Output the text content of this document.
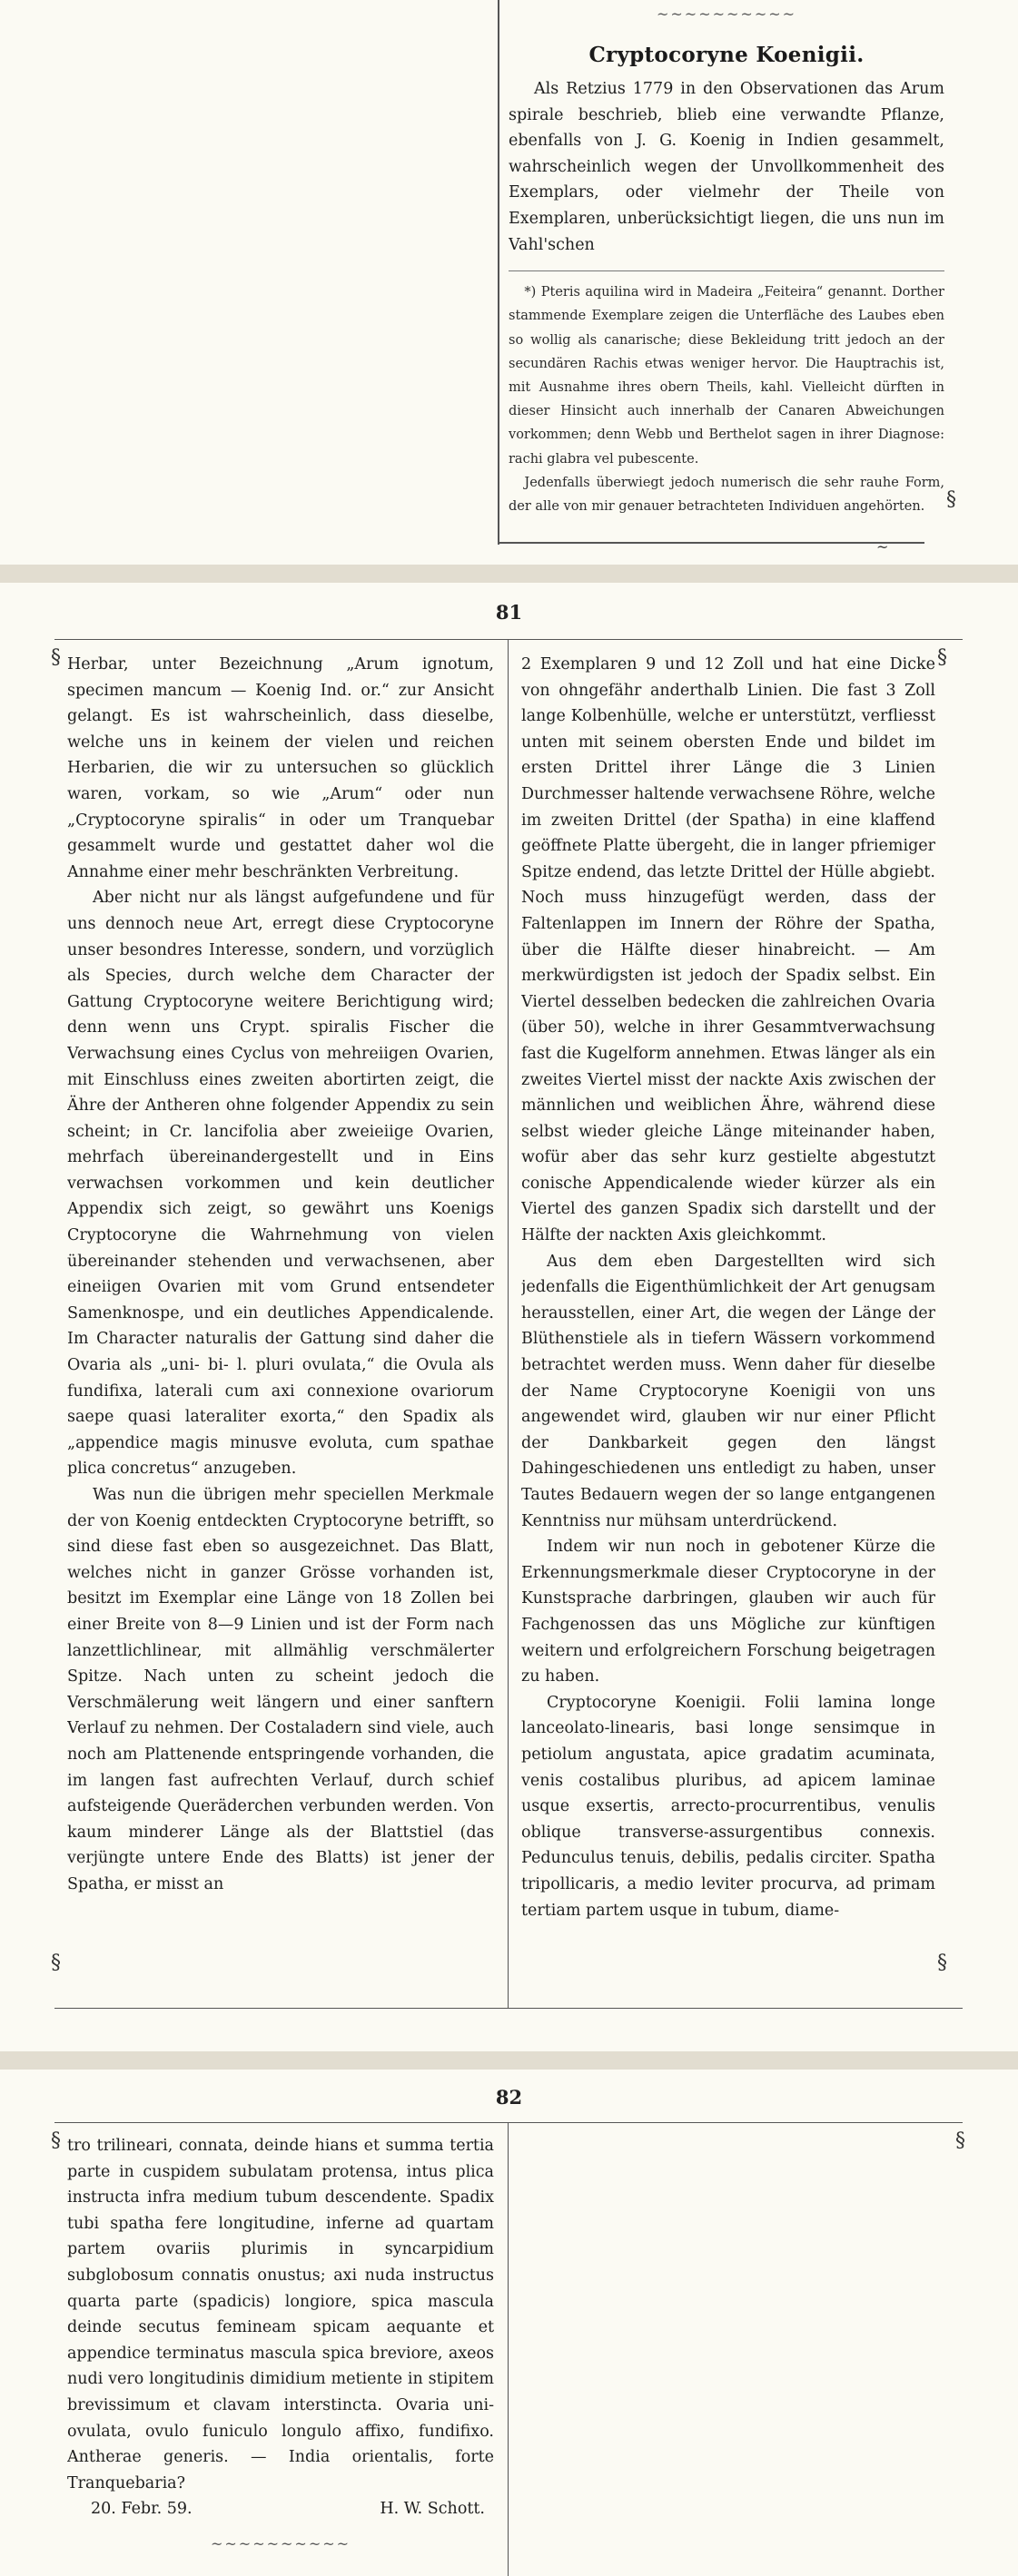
§
~
~~~~~~~~~~
Cryptocoryne Koenigii.

Als Retzius 1779 in den Observationen das Arum spirale beschrieb, blieb eine verwandte Pflanze, ebenfalls von J. G. Koenig in Indien gesammelt, wahrscheinlich wegen der Unvollkommenheit des Exemplars, oder vielmehr der Theile von Exemplaren, unberücksichtigt liegen, die uns nun im Vahl'schen

*) Pteris aquilina wird in Madeira „Feiteira“ genannt. Dorther stammende Exemplare zeigen die Unterfläche des Laubes eben so wollig als canarische; diese Bekleidung tritt jedoch an der secundären Rachis etwas weniger hervor. Die Hauptrachis ist, mit Ausnahme ihres obern Theils, kahl. Vielleicht dürften in dieser Hinsicht auch innerhalb der Canaren Abweichungen vorkommen; denn Webb und Berthelot sagen in ihrer Diagnose: rachi glabra vel pubescente.

Jedenfalls überwiegt jedoch numerisch die sehr rauhe Form, der alle von mir genauer betrachteten Individuen angehörten.

81
§	§
§	§

Herbar, unter Bezeichnung „Arum ignotum, specimen mancum — Koenig Ind. or.“ zur Ansicht gelangt. Es ist wahrscheinlich, dass dieselbe, welche uns in keinem der vielen und reichen Herbarien, die wir zu untersuchen so glücklich waren, vorkam, so wie „Arum“ oder nun „Cryptocoryne spiralis“ in oder um Tranquebar gesammelt wurde und gestattet daher wol die Annahme einer mehr beschränkten Verbreitung.

Aber nicht nur als längst aufgefundene und für uns dennoch neue Art, erregt diese Cryptocoryne unser besondres Interesse, sondern, und vorzüglich als Species, durch welche dem Character der Gattung Cryptocoryne weitere Berichtigung wird; denn wenn uns Crypt. spiralis Fischer die Verwachsung eines Cyclus von mehreiigen Ovarien, mit Einschluss eines zweiten abortirten zeigt, die Ähre der Antheren ohne folgender Appendix zu sein scheint; in Cr. lancifolia aber zweieiige Ovarien, mehrfach übereinandergestellt und in Eins verwachsen vorkommen und kein deutlicher Appendix sich zeigt, so gewährt uns Koenigs Cryptocoryne die Wahrnehmung von vielen übereinander stehenden und verwachsenen, aber eineiigen Ovarien mit vom Grund entsendeter Samenknospe, und ein deutliches Appendicalende. Im Character naturalis der Gattung sind daher die Ovaria als „uni- bi- l. pluri ovulata,“ die Ovula als fundifixa, laterali cum axi connexione ovariorum saepe quasi lateraliter exorta,“ den Spadix als „appendice magis minusve evoluta, cum spathae plica concretus“ anzugeben.

Was nun die übrigen mehr speciellen Merkmale der von Koenig entdeckten Cryptocoryne betrifft, so sind diese fast eben so ausgezeichnet. Das Blatt, welches nicht in ganzer Grösse vorhanden ist, besitzt im Exemplar eine Länge von 18 Zollen bei einer Breite von 8—9 Linien und ist der Form nach lanzettlichlinear, mit allmählig verschmälerter Spitze. Nach unten zu scheint jedoch die Verschmälerung weit längern und einer sanftern Verlauf zu nehmen. Der Costaladern sind viele, auch noch am Plattenende entspringende vorhanden, die im langen fast aufrechten Verlauf, durch schief aufsteigende Queräderchen verbunden werden. Von kaum minderer Länge als der Blattstiel (das verjüngte untere Ende des Blatts) ist jener der Spatha, er misst an

2 Exemplaren 9 und 12 Zoll und hat eine Dicke von ohngefähr anderthalb Linien. Die fast 3 Zoll lange Kolbenhülle, welche er unterstützt, verfliesst unten mit seinem obersten Ende und bildet im ersten Drittel ihrer Länge die 3 Linien Durchmesser haltende verwachsene Röhre, welche im zweiten Drittel (der Spatha) in eine klaffend geöffnete Platte übergeht, die in langer pfriemiger Spitze endend, das letzte Drittel der Hülle abgiebt. Noch muss hinzugefügt werden, dass der Faltenlappen im Innern der Röhre der Spatha, über die Hälfte dieser hinabreicht. — Am merkwürdigsten ist jedoch der Spadix selbst. Ein Viertel desselben bedecken die zahlreichen Ovaria (über 50), welche in ihrer Gesammtverwachsung fast die Kugelform annehmen. Etwas länger als ein zweites Viertel misst der nackte Axis zwischen der männlichen und weiblichen Ähre, während diese selbst wieder gleiche Länge miteinander haben, wofür aber das sehr kurz gestielte abgestutzt conische Appendicalende wieder kürzer als ein Viertel des ganzen Spadix sich darstellt und der Hälfte der nackten Axis gleichkommt.

Aus dem eben Dargestellten wird sich jedenfalls die Eigenthümlichkeit der Art genugsam herausstellen, einer Art, die wegen der Länge der Blüthenstiele als in tiefern Wässern vorkommend betrachtet werden muss. Wenn daher für dieselbe der Name Cryptocoryne Koenigii von uns angewendet wird, glauben wir nur einer Pflicht der Dankbarkeit gegen den längst Dahingeschiedenen uns entledigt zu haben, unser Tautes Bedauern wegen der so lange entgangenen Kenntniss nur mühsam unterdrückend.

Indem wir nun noch in gebotener Kürze die Erkennungsmerkmale dieser Cryptocoryne in der Kunstsprache darbringen, glauben wir auch für Fachgenossen das uns Mögliche zur künftigen weitern und erfolgreichern Forschung beigetragen zu haben.

Cryptocoryne Koenigii. Folii lamina longe lanceolato-linearis, basi longe sensimque in petiolum angustata, apice gradatim acuminata, venis costalibus pluribus, ad apicem laminae usque exsertis, arrecto-procurrentibus, venulis oblique transverse-assurgentibus connexis. Pedunculus tenuis, debilis, pedalis circiter. Spatha tripollicaris, a medio leviter procurva, ad primam tertiam partem usque in tubum, diame-

82
§	§

tro trilineari, connata, deinde hians et summa tertia parte in cuspidem subulatam protensa, intus plica instructa infra medium tubum descendente. Spadix tubi spatha fere longitudine, inferne ad quartam partem ovariis plurimis in syncarpidium subglobosum connatis onustus; axi nuda instructus quarta parte (spadicis) longiore, spica mascula deinde secutus femineam spicam aequante et appendice terminatus mascula spica breviore, axeos nudi vero longitudinis dimidium metiente in stipitem brevissimum et clavam interstincta. Ovaria uni-ovulata, ovulo funiculo longulo affixo, fundifixo. Antherae generis. — India orientalis, forte Tranquebaria?

20. Febr. 59.	H. W. Schott.
~~~~~~~~~~
